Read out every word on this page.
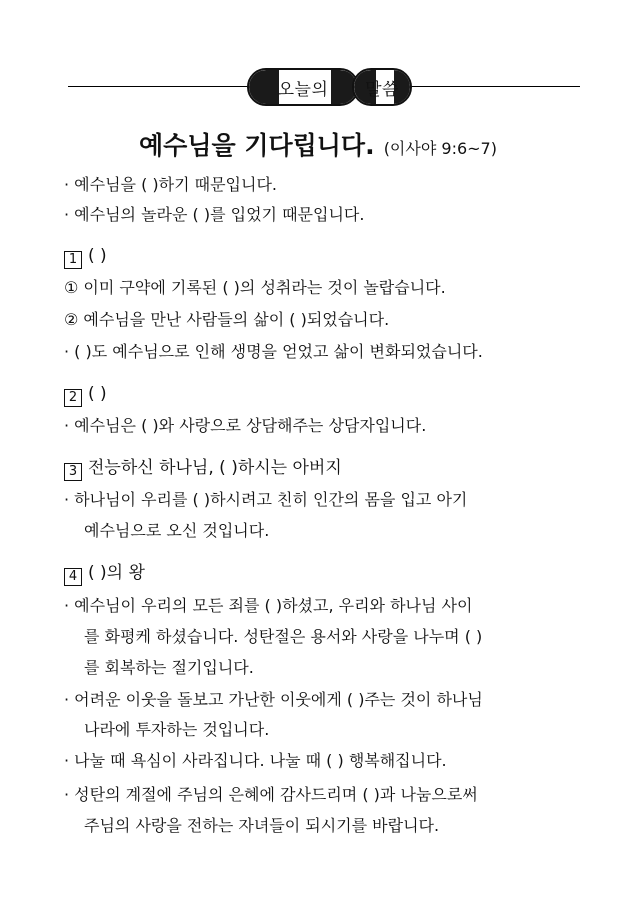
오늘의	말씀
예수님을 기다립니다. (이사야 9:6~7)
· 예수님을 ( )하기 때문입니다.
· 예수님의 놀라운 ( )를 입었기 때문입니다.
1 ( )
① 이미 구약에 기록된 ( )의 성취라는 것이 놀랍습니다.
② 예수님을 만난 사람들의 삶이 ( )되었습니다.
· ( )도 예수님으로 인해 생명을 얻었고 삶이 변화되었습니다.
2 ( )
· 예수님은 ( )와 사랑으로 상담해주는 상담자입니다.
3 전능하신 하나님, ( )하시는 아버지
· 하나님이 우리를 ( )하시려고 친히 인간의 몸을 입고 아기
예수님으로 오신 것입니다.
4 ( )의 왕
· 예수님이 우리의 모든 죄를 ( )하셨고, 우리와 하나님 사이
를 화평케 하셨습니다. 성탄절은 용서와 사랑을 나누며 ( )
를 회복하는 절기입니다.
· 어려운 이웃을 돌보고 가난한 이웃에게 ( )주는 것이 하나님
나라에 투자하는 것입니다.
· 나눌 때 욕심이 사라집니다. 나눌 때 ( ) 행복해집니다.
· 성탄의 계절에 주님의 은혜에 감사드리며 ( )과 나눔으로써
주님의 사랑을 전하는 자녀들이 되시기를 바랍니다.
